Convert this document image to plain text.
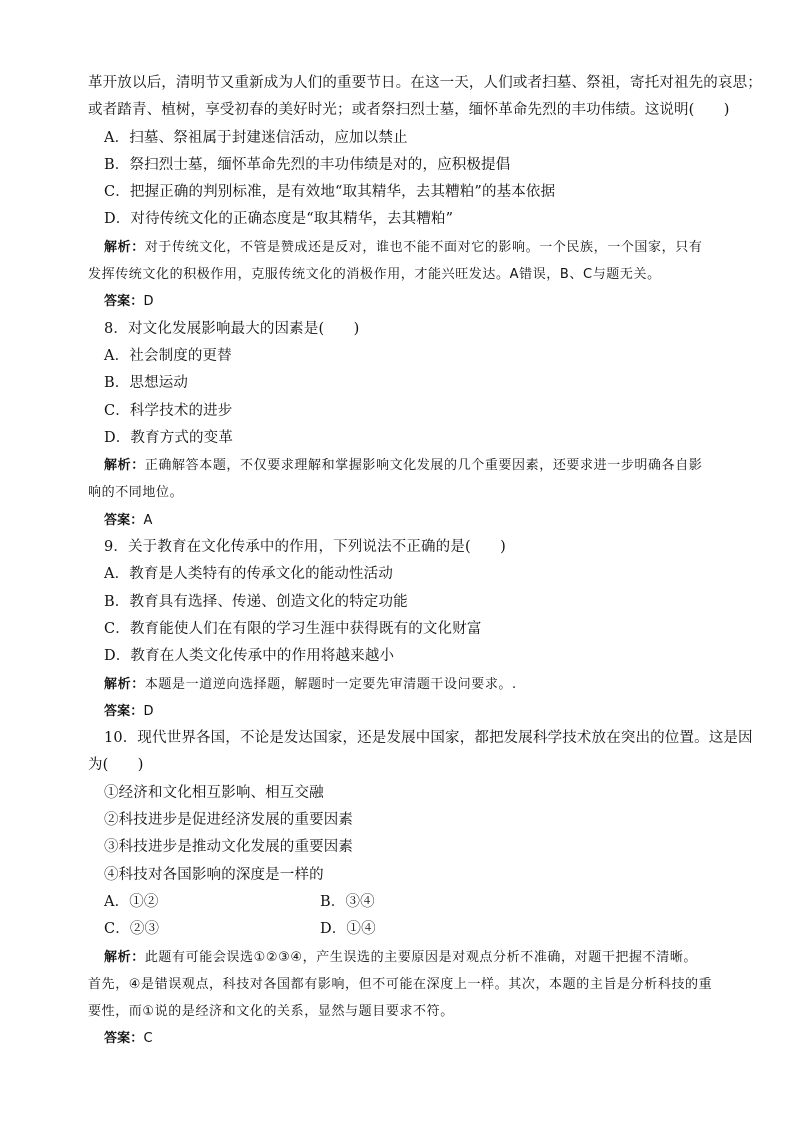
革开放以后，清明节又重新成为人们的重要节日。在这一天，人们或者扫墓、祭祖，寄托对祖先的哀思；
或者踏青、植树，享受初春的美好时光；或者祭扫烈士墓，缅怀革命先烈的丰功伟绩。这说明(　　)
A．扫墓、祭祖属于封建迷信活动，应加以禁止
B．祭扫烈士墓，缅怀革命先烈的丰功伟绩是对的，应积极提倡
C．把握正确的判别标准，是有效地“取其精华，去其糟粕”的基本依据
D．对待传统文化的正确态度是“取其精华，去其糟粕”
解析：对于传统文化，不管是赞成还是反对，谁也不能不面对它的影响。一个民族，一个国家，只有
发挥传统文化的积极作用，克服传统文化的消极作用，才能兴旺发达。A错误，B、C与题无关。
答案：D
8．对文化发展影响最大的因素是(　　)
A．社会制度的更替
B．思想运动
C．科学技术的进步
D．教育方式的变革
解析：正确解答本题，不仅要求理解和掌握影响文化发展的几个重要因素，还要求进一步明确各自影
响的不同地位。
答案：A
9．关于教育在文化传承中的作用，下列说法不正确的是(　　)
A．教育是人类特有的传承文化的能动性活动
B．教育具有选择、传递、创造文化的特定功能
C．教育能使人们在有限的学习生涯中获得既有的文化财富
D．教育在人类文化传承中的作用将越来越小
解析：本题是一道逆向选择题，解题时一定要先审清题干设问要求。.
答案：D
10．现代世界各国，不论是发达国家，还是发展中国家，都把发展科学技术放在突出的位置。这是因
为(　　)
①经济和文化相互影响、相互交融
②科技进步是促进经济发展的重要因素
③科技进步是推动文化发展的重要因素
④科技对各国影响的深度是一样的
A．①②	B．③④
C．②③	D．①④
解析：此题有可能会误选①②③④，产生误选的主要原因是对观点分析不准确，对题干把握不清晰。
首先，④是错误观点，科技对各国都有影响，但不可能在深度上一样。其次，本题的主旨是分析科技的重
要性，而①说的是经济和文化的关系，显然与题目要求不符。
答案：C
